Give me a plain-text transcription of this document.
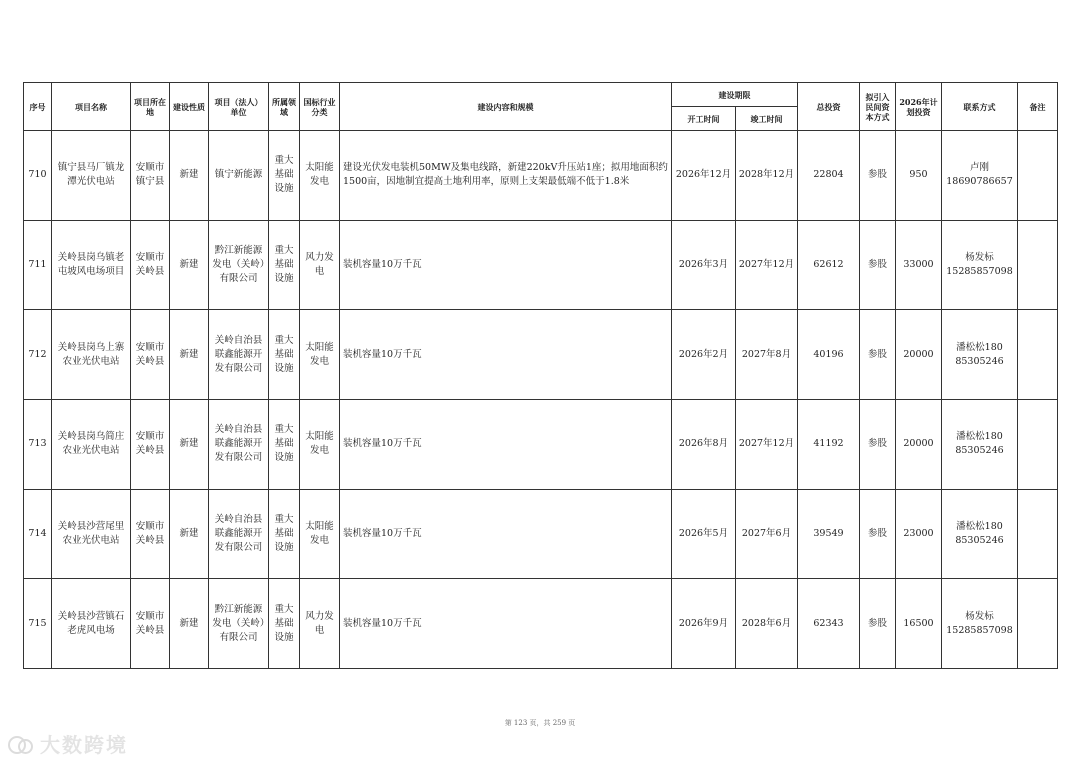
序号	项目名称	项目所在地	建设性质	项目（法人）单位	所属领域	国标行业分类	建设内容和规模	建设期限		总投资	拟引入民间资本方式	2026年计划投资	联系方式	备注
								开工时间	竣工时间					
710	镇宁县马厂镇龙潭光伏电站	安顺市镇宁县	新建	镇宁新能源	重大基础设施	太阳能发电	建设光伏发电装机50MW及集电线路，新建220kV升压站1座；拟用地面积约1500亩，因地制宜提高土地利用率，原则上支架最低端不低于1.8米	2026年12月	2028年12月	22804	参股	950	卢刚 18690786657	
711	关岭县岗乌镇老屯坡风电场项目	安顺市关岭县	新建	黔江新能源发电（关岭）有限公司	重大基础设施	风力发电	装机容量10万千瓦	2026年3月	2027年12月	62612	参股	33000	杨发标 15285857098	
712	关岭县岗乌上寨农业光伏电站	安顺市关岭县	新建	关岭自治县联鑫能源开发有限公司	重大基础设施	太阳能发电	装机容量10万千瓦	2026年2月	2027年8月	40196	参股	20000	潘松松180 85305246	
713	关岭县岗乌简庄农业光伏电站	安顺市关岭县	新建	关岭自治县联鑫能源开发有限公司	重大基础设施	太阳能发电	装机容量10万千瓦	2026年8月	2027年12月	41192	参股	20000	潘松松180 85305246	
714	关岭县沙营尾里农业光伏电站	安顺市关岭县	新建	关岭自治县联鑫能源开发有限公司	重大基础设施	太阳能发电	装机容量10万千瓦	2026年5月	2027年6月	39549	参股	23000	潘松松180 85305246	
715	关岭县沙营镇石老虎风电场	安顺市关岭县	新建	黔江新能源发电（关岭）有限公司	重大基础设施	风力发电	装机容量10万千瓦	2026年9月	2028年6月	62343	参股	16500	杨发标 15285857098	
第 123 页，共 259 页
大数跨境
